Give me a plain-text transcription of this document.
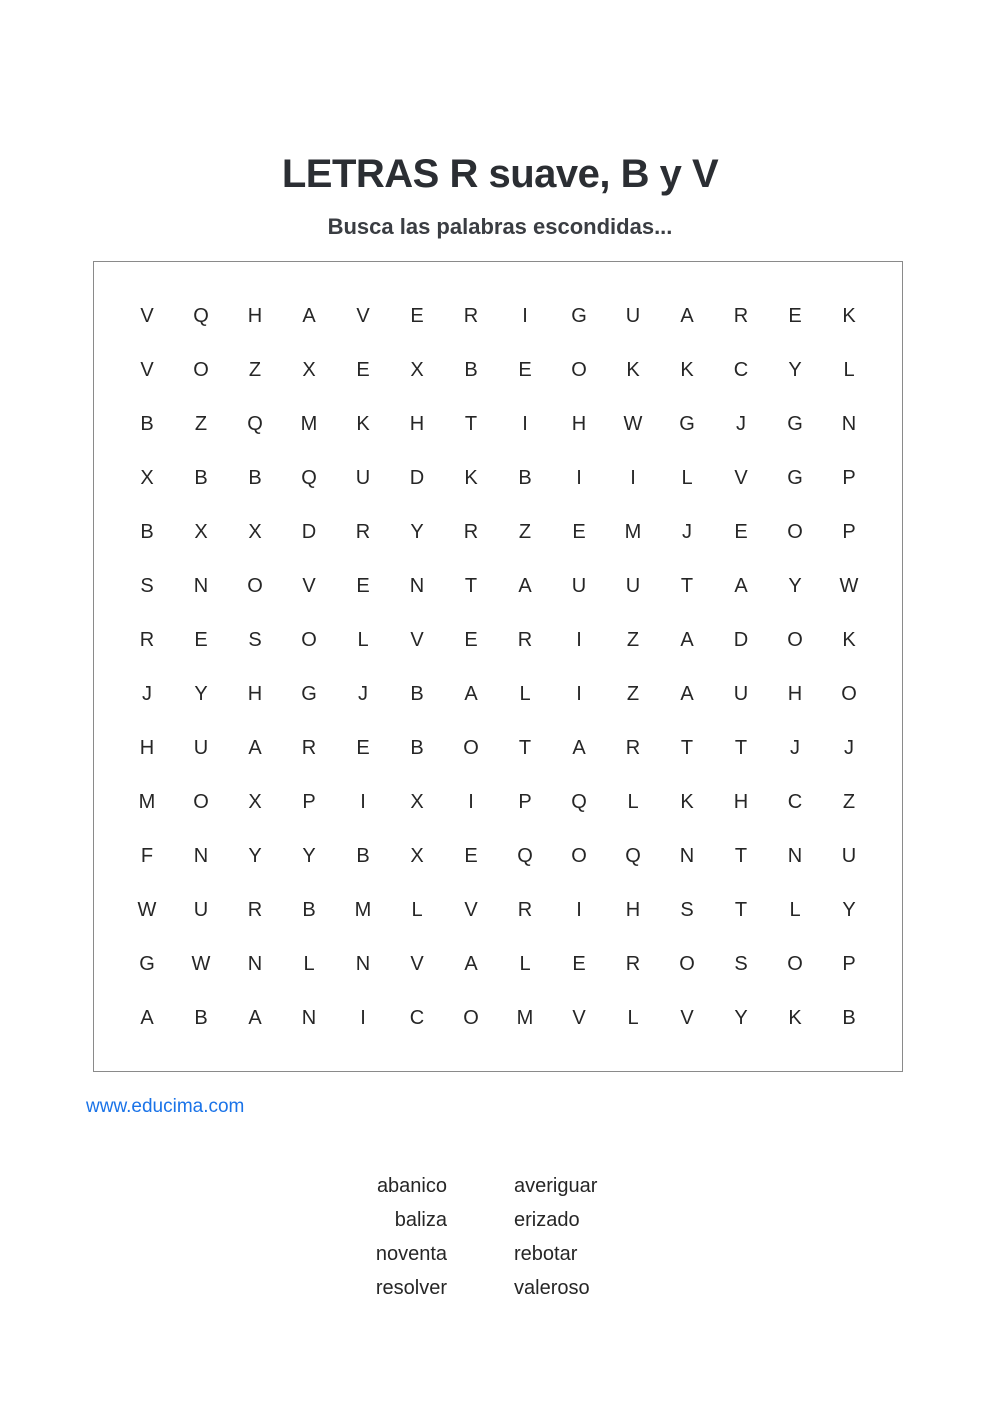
LETRAS R suave, B y V
Busca las palabras escondidas...
V	Q	H	A	V	E	R	I	G	U	A	R	E	K
V	O	Z	X	E	X	B	E	O	K	K	C	Y	L
B	Z	Q	M	K	H	T	I	H	W	G	J	G	N
X	B	B	Q	U	D	K	B	I	I	L	V	G	P
B	X	X	D	R	Y	R	Z	E	M	J	E	O	P
S	N	O	V	E	N	T	A	U	U	T	A	Y	W
R	E	S	O	L	V	E	R	I	Z	A	D	O	K
J	Y	H	G	J	B	A	L	I	Z	A	U	H	O
H	U	A	R	E	B	O	T	A	R	T	T	J	J
M	O	X	P	I	X	I	P	Q	L	K	H	C	Z
F	N	Y	Y	B	X	E	Q	O	Q	N	T	N	U
W	U	R	B	M	L	V	R	I	H	S	T	L	Y
G	W	N	L	N	V	A	L	E	R	O	S	O	P
A	B	A	N	I	C	O	M	V	L	V	Y	K	B
www.educima.com
abanico
baliza
noventa
resolver
averiguar
erizado
rebotar
valeroso
